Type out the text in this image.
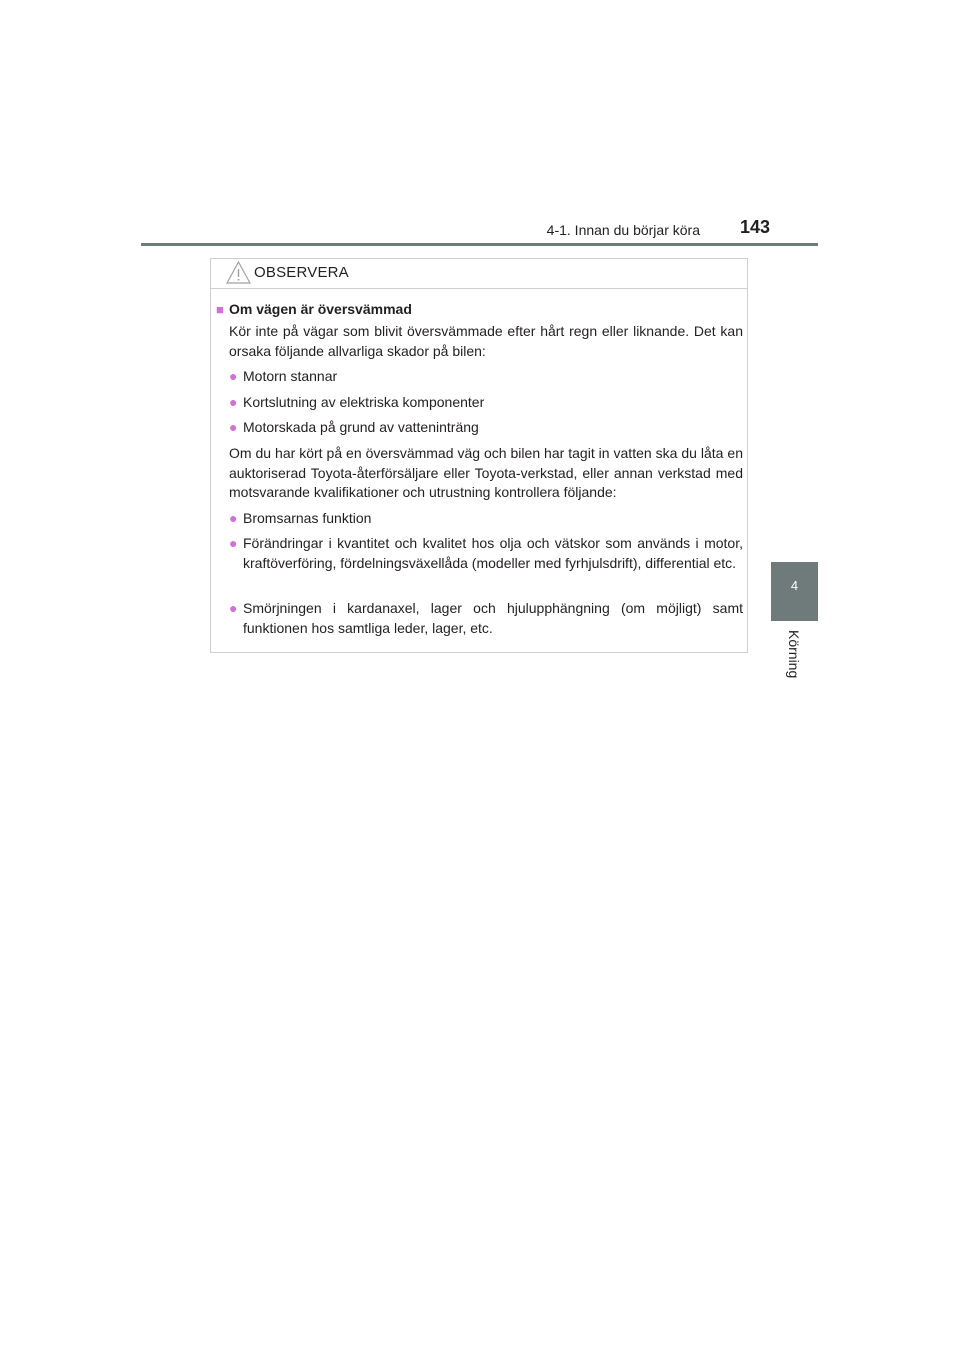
4-1. Innan du börjar köra 143
4
Körning
OBSERVERA
■ Om vägen är översvämmad
Kör inte på vägar som blivit översvämmade efter hårt regn eller liknande. Det kan orsaka följande allvarliga skador på bilen:
● Motorn stannar
● Kortslutning av elektriska komponenter
● Motorskada på grund av vatteninträng
Om du har kört på en översvämmad väg och bilen har tagit in vatten ska du låta en auktoriserad Toyota-återförsäljare eller Toyota-verkstad, eller annan verkstad med motsvarande kvalifikationer och utrustning kontrollera följande:
● Bromsarnas funktion
● Förändringar i kvantitet och kvalitet hos olja och vätskor som används i motor, kraftöverföring, fördelningsväxellåda (modeller med fyrhjulsdrift), differential etc.
● Smörjningen i kardanaxel, lager och hjulupphängning (om möjligt) samt funktionen hos samtliga leder, lager, etc.
